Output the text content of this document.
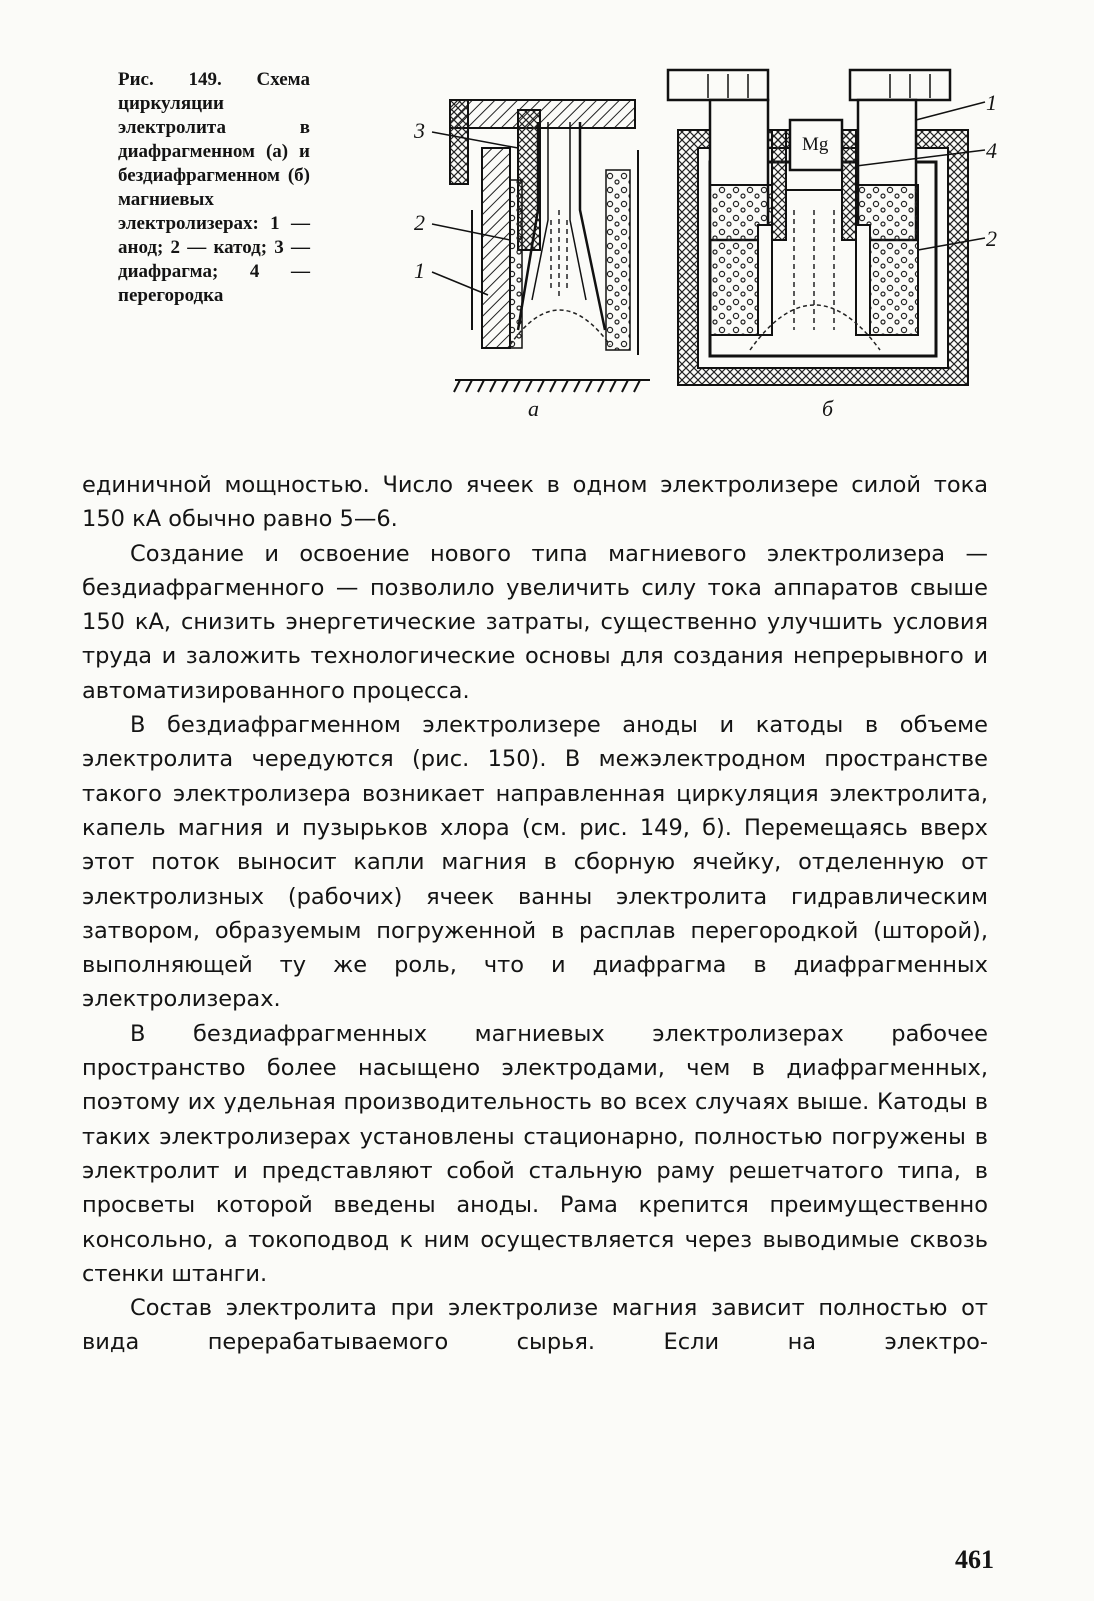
Рис. 149. Схема циркуляции электролита в диафрагменном (а) и бездиафрагменном (б) магниевых электролизерах: 1 — анод; 2 — катод; 3 — диафрагма; 4 — перегородка
3
2
1
1
4
2
Mg
а	б

единичной мощностью. Число ячеек в одном электролизере силой тока 150 кА обычно равно 5—6.

Создание и освоение нового типа магниевого электролизера — бездиафрагменного — позволило увеличить силу тока аппаратов свыше 150 кА, снизить энергетические затраты, существенно улучшить условия труда и заложить технологические основы для создания непрерывного и автоматизированного процесса.

В бездиафрагменном электролизере аноды и катоды в объеме электролита чередуются (рис. 150). В межэлектродном пространстве такого электролизера возникает направленная циркуляция электролита, капель магния и пузырьков хлора (см. рис. 149, б). Перемещаясь вверх этот поток выносит капли магния в сборную ячейку, отделенную от электролизных (рабочих) ячеек ванны электролита гидравлическим затвором, образуемым погруженной в расплав перегородкой (шторой), выполняющей ту же роль, что и диафрагма в диафрагменных электролизерах.

В бездиафрагменных магниевых электролизерах рабочее пространство более насыщено электродами, чем в диафрагменных, поэтому их удельная производительность во всех случаях выше. Катоды в таких электролизерах установлены стационарно, полностью погружены в электролит и представляют собой стальную раму решетчатого типа, в просветы которой введены аноды. Рама крепится преимущественно консольно, а токоподвод к ним осуществляется через выводимые сквозь стенки штанги.

Состав электролита при электролизе магния зависит полностью от вида перерабатываемого сырья. Если на электро-

461
